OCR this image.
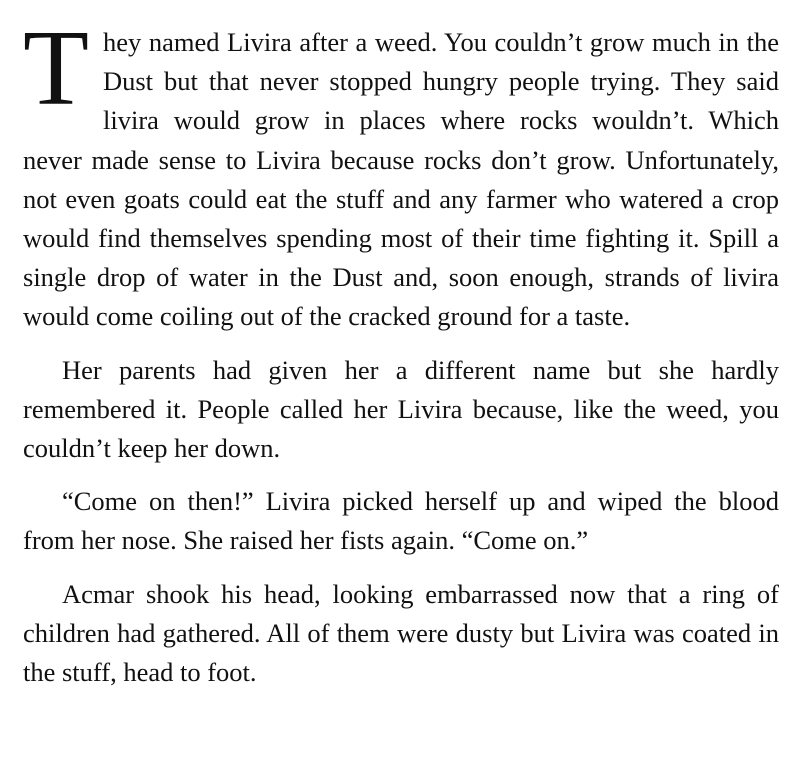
They named Livira after a weed. You couldn’t grow much in the Dust but that never stopped hungry people trying. They said livira would grow in places where rocks wouldn’t. Which never made sense to Livira because rocks don’t grow. Unfortunately, not even goats could eat the stuff and any farmer who watered a crop would find themselves spending most of their time fighting it. Spill a single drop of water in the Dust and, soon enough, strands of livira would come coiling out of the cracked ground for a taste.

Her parents had given her a different name but she hardly remembered it. People called her Livira because, like the weed, you couldn’t keep her down.

“Come on then!” Livira picked herself up and wiped the blood from her nose. She raised her fists again. “Come on.”

Acmar shook his head, looking embarrassed now that a ring of children had gathered. All of them were dusty but Livira was coated in the stuff, head to foot.
